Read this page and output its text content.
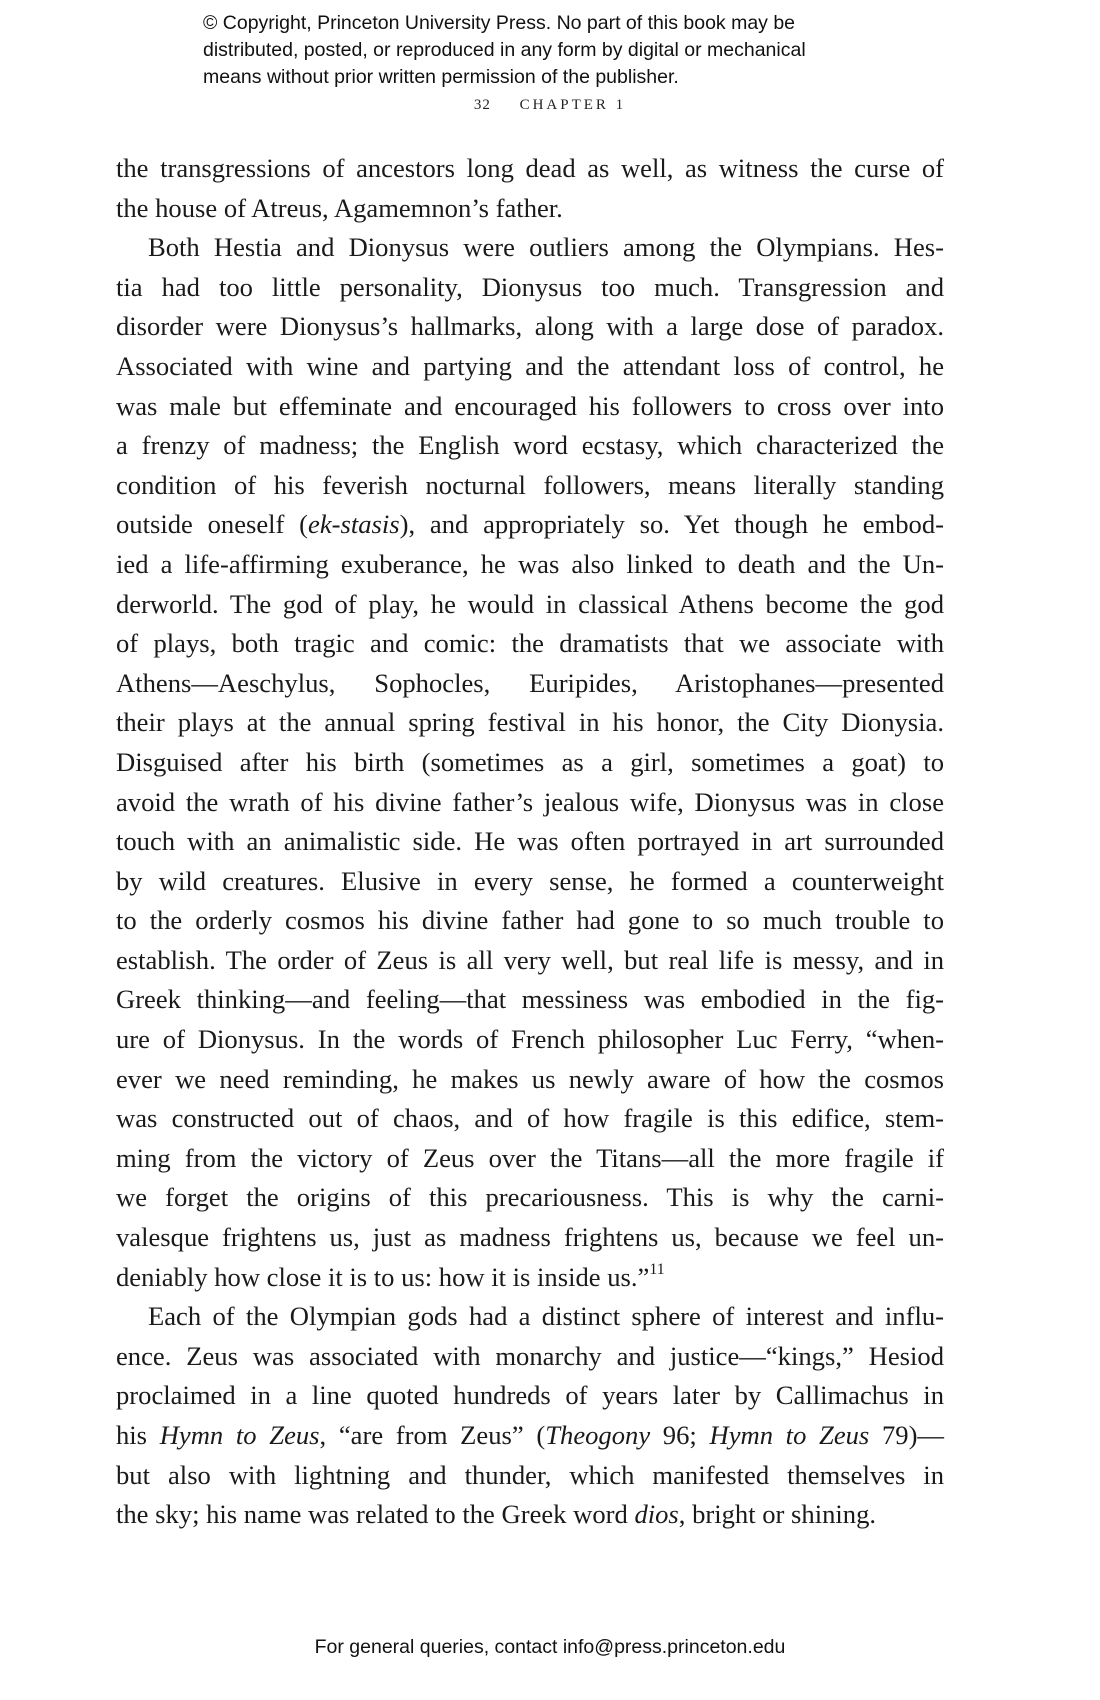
© Copyright, Princeton University Press. No part of this book may be
distributed, posted, or reproduced in any form by digital or mechanical
means without prior written permission of the publisher.
32 CHAPTER 1
the transgressions of ancestors long dead as well, as witness the curse of
the house of Atreus, Agamemnon’s father.
Both Hestia and Dionysus were outliers among the Olympians. Hes-
tia had too little personality, Dionysus too much. Transgression and
disorder were Dionysus’s hallmarks, along with a large dose of paradox.
Associated with wine and partying and the attendant loss of control, he
was male but effeminate and encouraged his followers to cross over into
a frenzy of madness; the English word ecstasy, which characterized the
condition of his feverish nocturnal followers, means literally standing
outside oneself (ek-stasis), and appropriately so. Yet though he embod-
ied a life-affirming exuberance, he was also linked to death and the Un-
derworld. The god of play, he would in classical Athens become the god
of plays, both tragic and comic: the dramatists that we associate with
Athens—Aeschylus, Sophocles, Euripides, Aristophanes—presented
their plays at the annual spring festival in his honor, the City Dionysia.
Disguised after his birth (sometimes as a girl, sometimes a goat) to
avoid the wrath of his divine father’s jealous wife, Dionysus was in close
touch with an animalistic side. He was often portrayed in art surrounded
by wild creatures. Elusive in every sense, he formed a counterweight
to the orderly cosmos his divine father had gone to so much trouble to
establish. The order of Zeus is all very well, but real life is messy, and in
Greek thinking—and feeling—that messiness was embodied in the fig-
ure of Dionysus. In the words of French philosopher Luc Ferry, “when-
ever we need reminding, he makes us newly aware of how the cosmos
was constructed out of chaos, and of how fragile is this edifice, stem-
ming from the victory of Zeus over the Titans—all the more fragile if
we forget the origins of this precariousness. This is why the carni-
valesque frightens us, just as madness frightens us, because we feel un-
deniably how close it is to us: how it is inside us.”$^{11}$
Each of the Olympian gods had a distinct sphere of interest and influ-
ence. Zeus was associated with monarchy and justice—“kings,” Hesiod
proclaimed in a line quoted hundreds of years later by Callimachus in
his Hymn to Zeus, “are from Zeus” (Theogony 96; Hymn to Zeus 79)—
but also with lightning and thunder, which manifested themselves in
the sky; his name was related to the Greek word dios, bright or shining.
For general queries, contact info@press.princeton.edu
